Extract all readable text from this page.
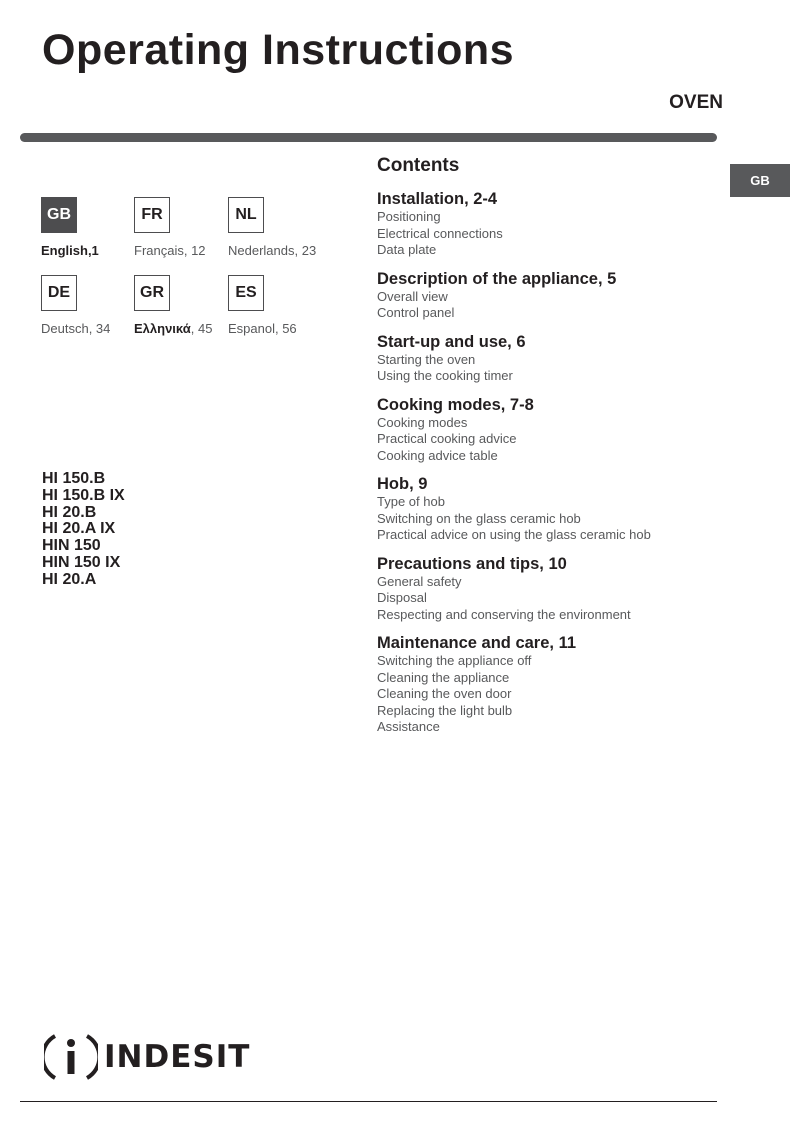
Operating Instructions
OVEN
GB
GB
English,1
FR
Français, 12
NL
Nederlands, 23
DE
Deutsch, 34
GR
Ελληνικά, 45
ES
Espanol, 56
HI 150.B
HI 150.B IX
HI 20.B
HI 20.A IX
HIN 150
HIN 150 IX
HI 20.A
Contents
Installation, 2-4
Positioning
Electrical connections
Data plate
Description of the appliance, 5
Overall view
Control panel
Start-up and use, 6
Starting the oven
Using the cooking timer
Cooking modes, 7-8
Cooking modes
Practical cooking advice
Cooking advice table
Hob, 9
Type of hob
Switching on the glass ceramic hob
Practical advice on using the glass ceramic hob
Precautions and tips, 10
General safety
Disposal
Respecting and conserving the environment
Maintenance and care, 11
Switching the appliance off
Cleaning the appliance
Cleaning the oven door
Replacing the light bulb
Assistance
INDESIT
